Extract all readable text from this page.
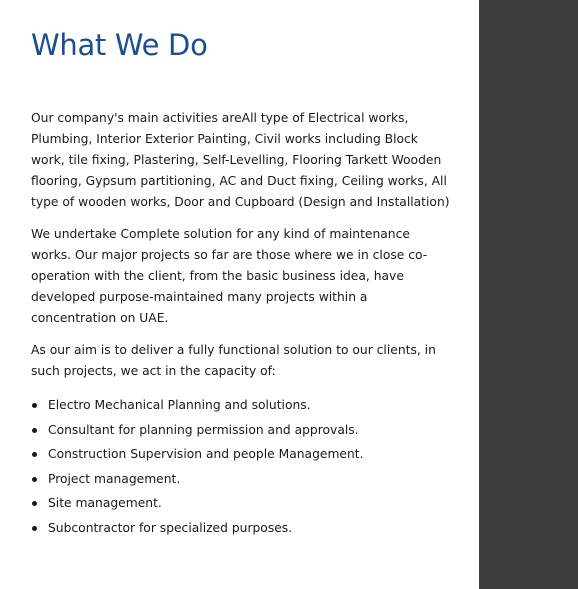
What We Do

Our company's main activities areAll type of Electrical works, Plumbing, Interior Exterior Painting, Civil works including Block work, tile fixing, Plastering, Self-Levelling, Flooring Tarkett Wooden flooring, Gypsum partitioning, AC and Duct fixing, Ceiling works, All type of wooden works, Door and Cupboard (Design and Installation)

We undertake Complete solution for any kind of maintenance works. Our major projects so far are those where we in close co-operation with the client, from the basic business idea, have developed purpose-maintained many projects within a concentration on UAE.

As our aim is to deliver a fully functional solution to our clients, in such projects, we act in the capacity of:

Electro Mechanical Planning and solutions.
Consultant for planning permission and approvals.
Construction Supervision and people Management.
Project management.
Site management.
Subcontractor for specialized purposes.
